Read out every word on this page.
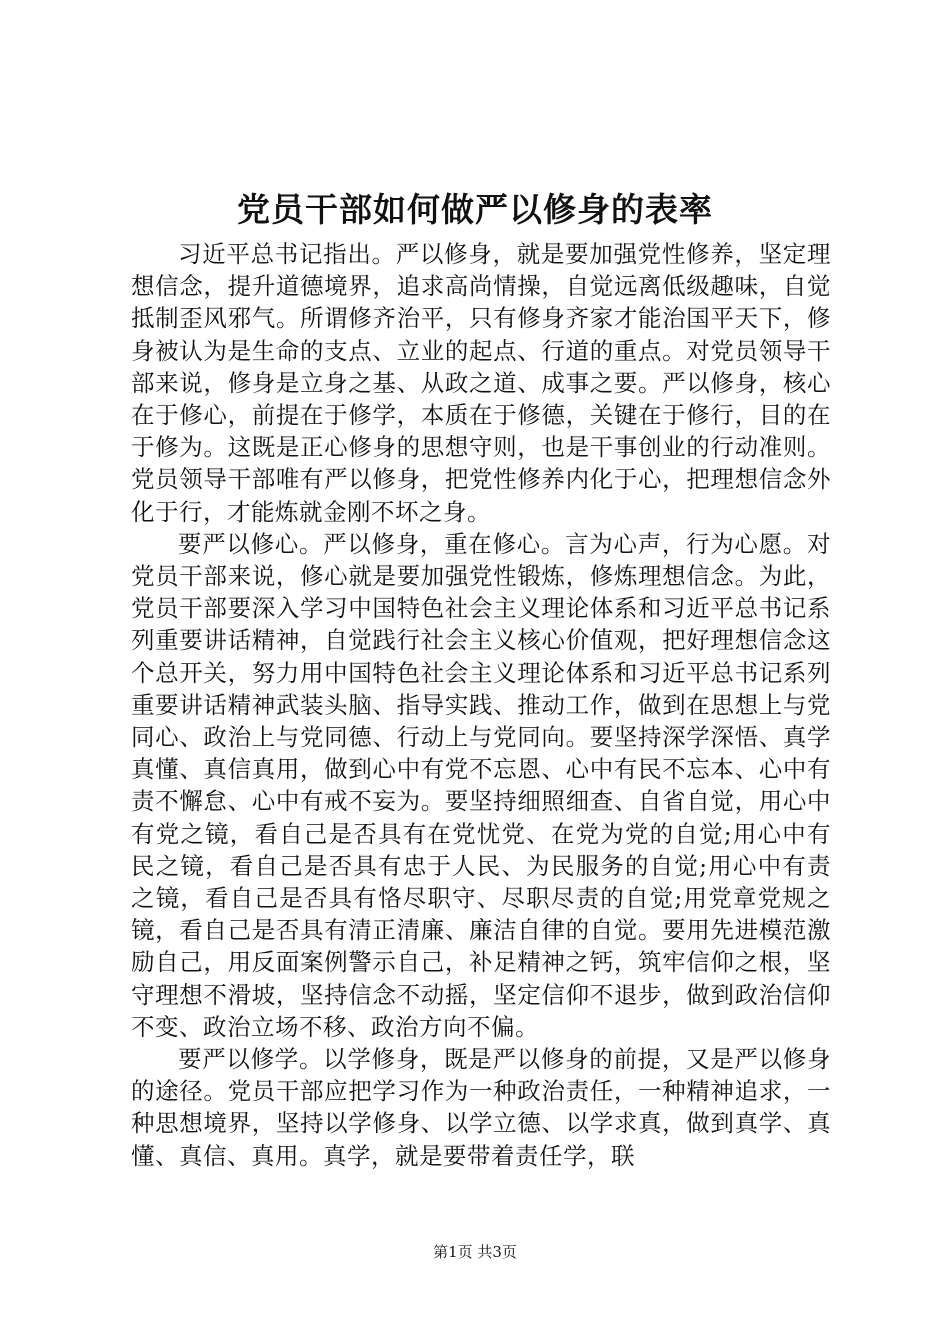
党员干部如何做严以修身的表率

习近平总书记指出。严以修身，就是要加强党性修养，坚定理想信念，提升道德境界，追求高尚情操，自觉远离低级趣味，自觉抵制歪风邪气。所谓修齐治平，只有修身齐家才能治国平天下，修身被认为是生命的支点、立业的起点、行道的重点。对党员领导干部来说，修身是立身之基、从政之道、成事之要。严以修身，核心在于修心，前提在于修学，本质在于修德，关键在于修行，目的在于修为。这既是正心修身的思想守则，也是干事创业的行动准则。党员领导干部唯有严以修身，把党性修养内化于心，把理想信念外化于行，才能炼就金刚不坏之身。

要严以修心。严以修身，重在修心。言为心声，行为心愿。对党员干部来说，修心就是要加强党性锻炼，修炼理想信念。为此，党员干部要深入学习中国特色社会主义理论体系和习近平总书记系列重要讲话精神，自觉践行社会主义核心价值观，把好理想信念这个总开关，努力用中国特色社会主义理论体系和习近平总书记系列重要讲话精神武装头脑、指导实践、推动工作，做到在思想上与党同心、政治上与党同德、行动上与党同向。要坚持深学深悟、真学真懂、真信真用，做到心中有党不忘恩、心中有民不忘本、心中有责不懈怠、心中有戒不妄为。要坚持细照细查、自省自觉，用心中有党之镜，看自己是否具有在党忧党、在党为党的自觉;用心中有民之镜，看自己是否具有忠于人民、为民服务的自觉;用心中有责之镜，看自己是否具有恪尽职守、尽职尽责的自觉;用党章党规之镜，看自己是否具有清正清廉、廉洁自律的自觉。要用先进模范激励自己，用反面案例警示自己，补足精神之钙，筑牢信仰之根，坚守理想不滑坡，坚持信念不动摇，坚定信仰不退步，做到政治信仰不变、政治立场不移、政治方向不偏。

要严以修学。以学修身，既是严以修身的前提，又是严以修身的途径。党员干部应把学习作为一种政治责任，一种精神追求，一种思想境界，坚持以学修身、以学立德、以学求真，做到真学、真懂、真信、真用。真学，就是要带着责任学，联

第1页 共3页
